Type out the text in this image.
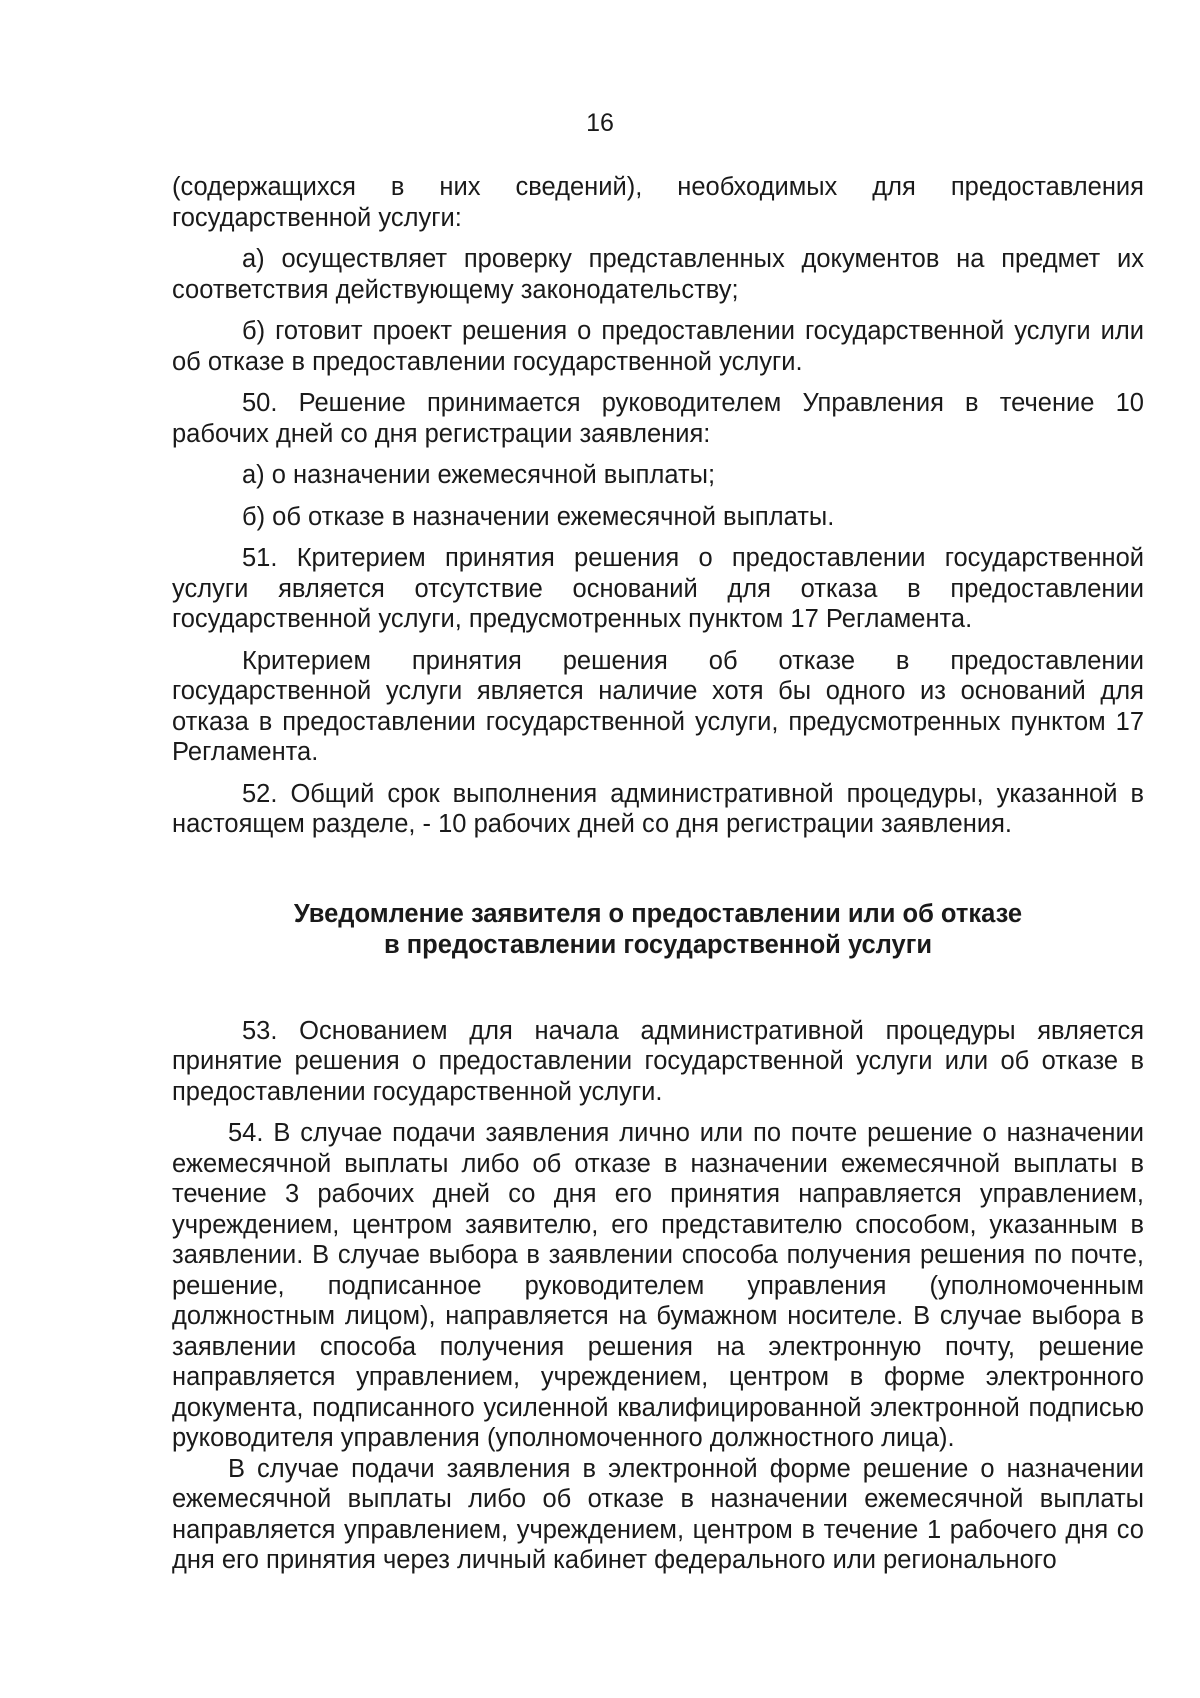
16

(содержащихся в них сведений), необходимых для предоставления государственной услуги:

а) осуществляет проверку представленных документов на предмет их соответствия действующему законодательству;

б) готовит проект решения о предоставлении государственной услуги или об отказе в предоставлении государственной услуги.

50. Решение принимается руководителем Управления в течение 10 рабочих дней со дня регистрации заявления:

а) о назначении ежемесячной выплаты;

б) об отказе в назначении ежемесячной выплаты.

51. Критерием принятия решения о предоставлении государственной услуги является отсутствие оснований для отказа в предоставлении государственной услуги, предусмотренных пунктом 17 Регламента.

Критерием принятия решения об отказе в предоставлении государственной услуги является наличие хотя бы одного из оснований для отказа в предоставлении государственной услуги, предусмотренных пунктом 17 Регламента.

52. Общий срок выполнения административной процедуры, указанной в настоящем разделе, - 10 рабочих дней со дня регистрации заявления.

Уведомление заявителя о предоставлении или об отказе
в предоставлении государственной услуги

53. Основанием для начала административной процедуры является принятие решения о предоставлении государственной услуги или об отказе в предоставлении государственной услуги.

54. В случае подачи заявления лично или по почте решение о назначении ежемесячной выплаты либо об отказе в назначении ежемесячной выплаты в течение 3 рабочих дней со дня его принятия направляется управлением, учреждением, центром заявителю, его представителю способом, указанным в заявлении. В случае выбора в заявлении способа получения решения по почте, решение, подписанное руководителем управления (уполномоченным должностным лицом), направляется на бумажном носителе. В случае выбора в заявлении способа получения решения на электронную почту, решение направляется управлением, учреждением, центром в форме электронного документа, подписанного усиленной квалифицированной электронной подписью руководителя управления (уполномоченного должностного лица).

В случае подачи заявления в электронной форме решение о назначении ежемесячной выплаты либо об отказе в назначении ежемесячной выплаты направляется управлением, учреждением, центром в течение 1 рабочего дня со дня его принятия через личный кабинет федерального или регионального
